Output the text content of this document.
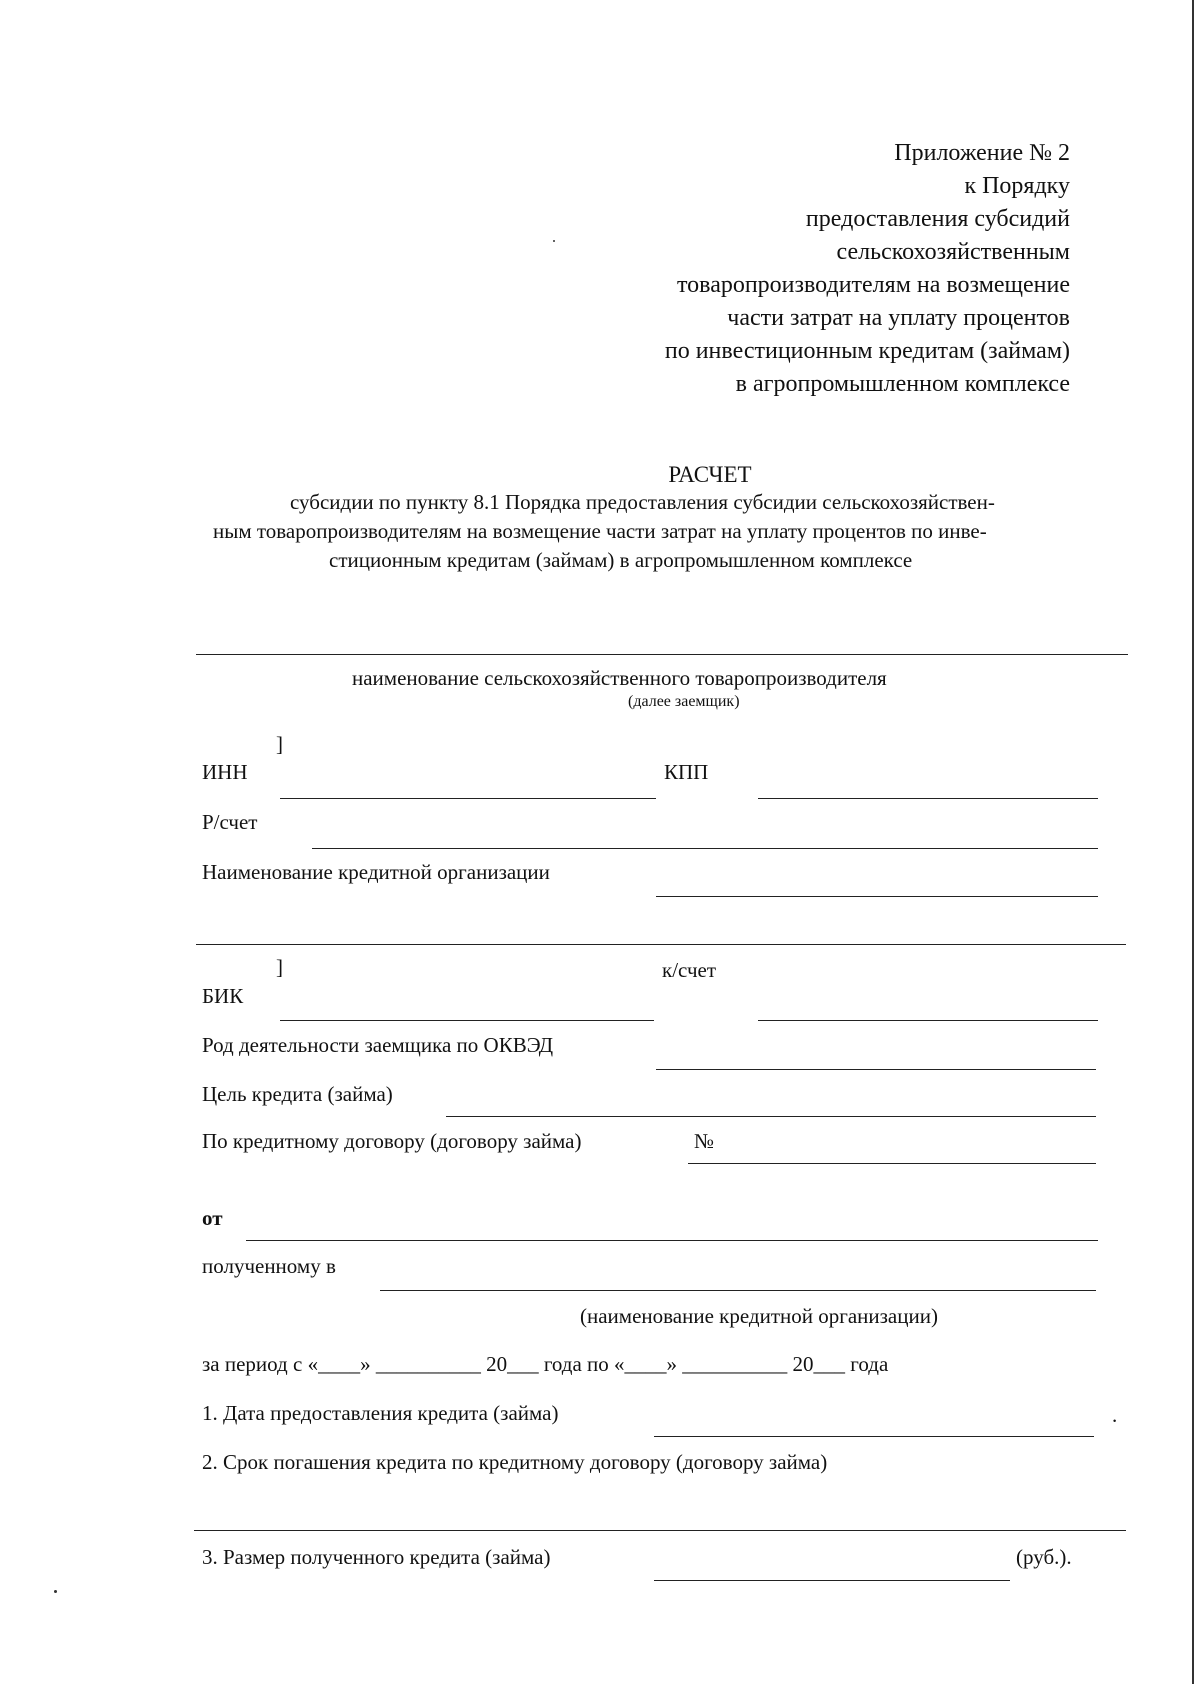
Приложение № 2
к Порядку
предоставления субсидий
сельскохозяйственным
товаропроизводителям на возмещение
части затрат на уплату процентов
по инвестиционным кредитам (займам)
в агропромышленном комплексе
РАСЧЕТ
субсидии по пункту 8.1 Порядка предоставления субсидии сельскохозяйствен-
ным товаропроизводителям на возмещение части затрат на уплату процентов по инве-
стиционным кредитам (займам) в агропромышленном комплексе
наименование сельскохозяйственного товаропроизводителя
(далее заемщик)
]
ИНН	КПП
Р/счет
Наименование кредитной организации
]
БИК
к/счет
Род деятельности заемщика по ОКВЭД
Цель кредита (займа)
По кредитному договору (договору займа)	№
от
полученному в
(наименование кредитной организации)
за период с «____» __________ 20___ года по «____» __________ 20___ года
1. Дата предоставления кредита (займа)	.
2. Срок погашения кредита по кредитному договору (договору займа)
3. Размер полученного кредита (займа)	(руб.).
